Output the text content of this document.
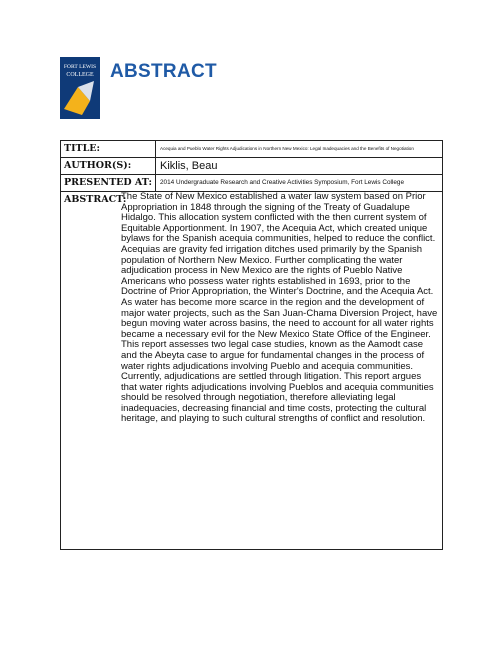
FORT LEWIS
COLLEGE ABSTRACT
TITLE:	Acequia and Pueblo Water Rights Adjudications in Northern New Mexico: Legal Inadequacies and the Benefits of Negotiation
AUTHOR(S):	Kiklis, Beau
PRESENTED AT:	2014 Undergraduate Research and Creative Activities Symposium, Fort Lewis College
ABSTRACT:
The State of New Mexico established a water law system based on Prior Appropriation in 1848 through the signing of the Treaty of Guadalupe Hidalgo. This allocation system conflicted with the then current system of Equitable Apportionment. In 1907, the Acequia Act, which created unique bylaws for the Spanish acequia communities, helped to reduce the conflict. Acequias are gravity fed irrigation ditches used primarily by the Spanish population of Northern New Mexico. Further complicating the water adjudication process in New Mexico are the rights of Pueblo Native Americans who possess water rights established in 1693, prior to the Doctrine of Prior Appropriation, the Winter's Doctrine, and the Acequia Act. As water has become more scarce in the region and the development of major water projects, such as the San Juan-Chama Diversion Project, have begun moving water across basins, the need to account for all water rights became a necessary evil for the New Mexico State Office of the Engineer. This report assesses two legal case studies, known as the Aamodt case and the Abeyta case to argue for fundamental changes in the process of water rights adjudications involving Pueblo and acequia communities. Currently, adjudications are settled through litigation. This report argues that water rights adjudications involving Pueblos and acequia communities should be resolved through negotiation, therefore alleviating legal inadequacies, decreasing financial and time costs, protecting the cultural heritage, and playing to such cultural strengths of conflict and resolution.
